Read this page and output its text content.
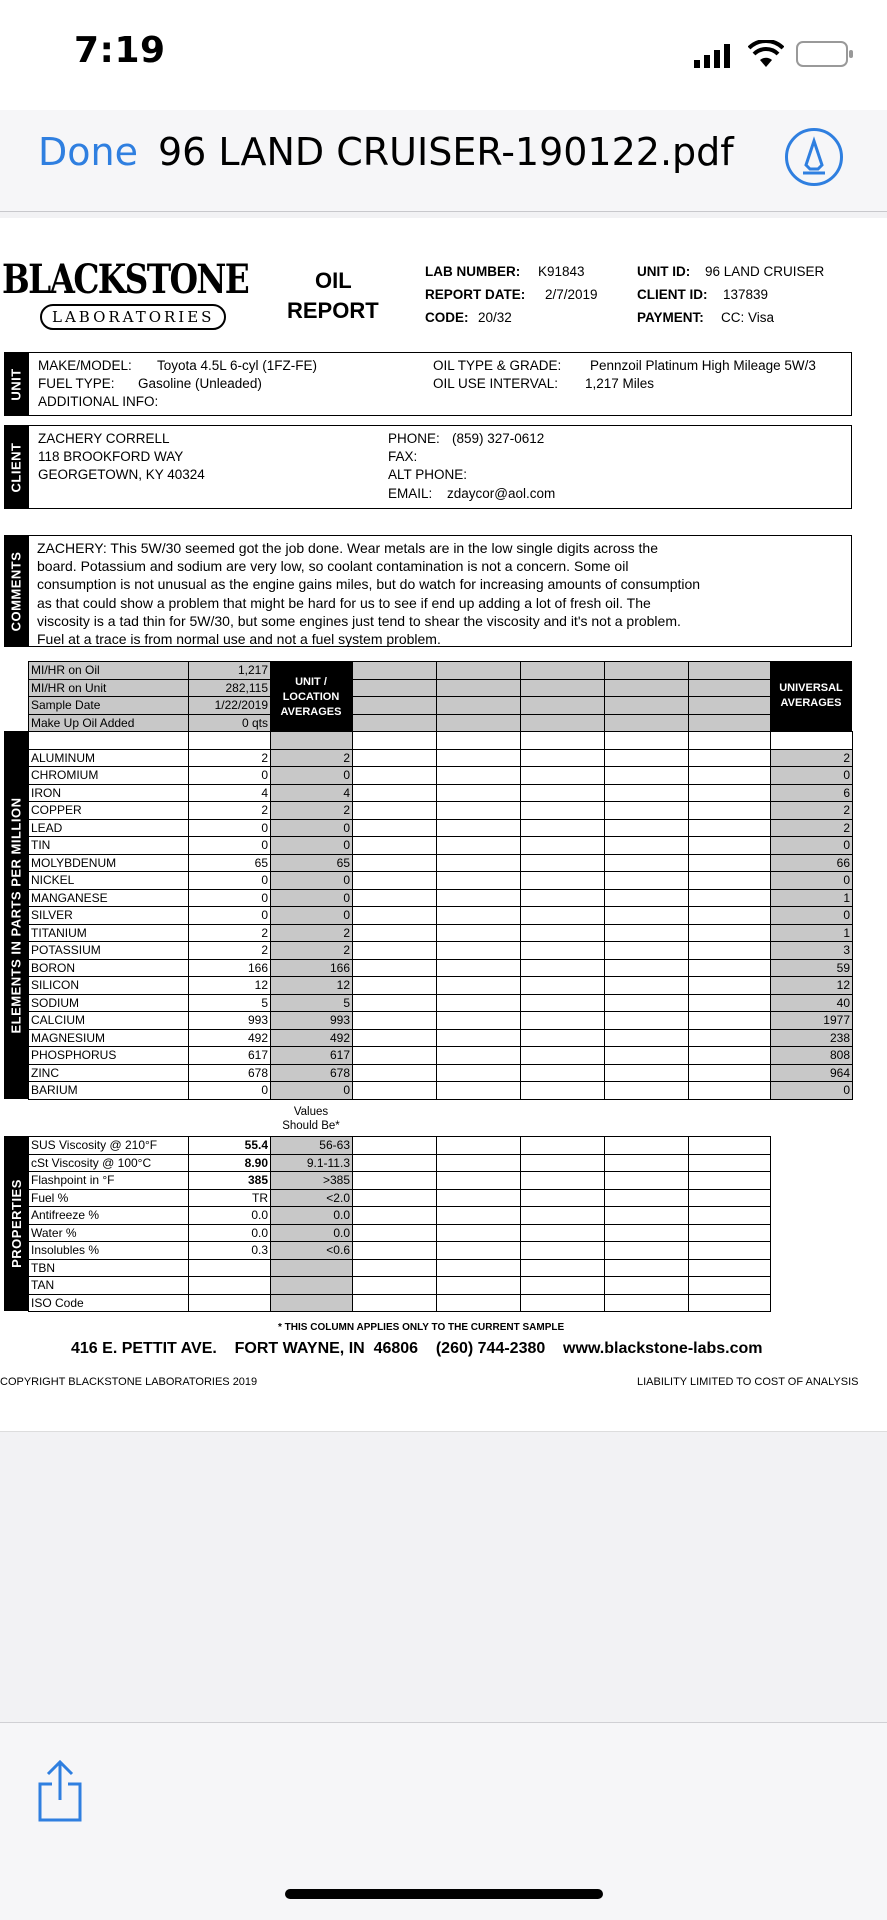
7:19
Done 96 LAND CRUISER-190122.pdf
BLACKSTONE
LABORATORIES
OIL
REPORT
LAB NUMBER: K91843
REPORT DATE: 2/7/2019
CODE: 20/32
UNIT ID: 96 LAND CRUISER
CLIENT ID: 137839
PAYMENT: CC: Visa
UNIT
MAKE/MODEL: Toyota 4.5L 6-cyl (1FZ-FE)
FUEL TYPE: Gasoline (Unleaded)
ADDITIONAL INFO:
OIL TYPE & GRADE: Pennzoil Platinum High Mileage 5W/3
OIL USE INTERVAL: 1,217 Miles
CLIENT
ZACHERY CORRELL
118 BROOKFORD WAY
GEORGETOWN, KY 40324
PHONE: (859) 327-0612
FAX:
ALT PHONE:
EMAIL: zdaycor@aol.com
COMMENTS
ZACHERY: This 5W/30 seemed got the job done. Wear metals are in the low single digits across the
board. Potassium and sodium are very low, so coolant contamination is not a concern. Some oil
consumption is not unusual as the engine gains miles, but do watch for increasing amounts of consumption
as that could show a problem that might be hard for us to see if end up adding a lot of fresh oil. The
viscosity is a tad thin for 5W/30, but some engines just tend to shear the viscosity and it's not a problem.
Fuel at a trace is from normal use and not a fuel system problem.
MI/HR on Oil	1,217
MI/HR on Unit	282,115
Sample Date	1/22/2019
Make Up Oil Added	0 qts
UNIT / LOCATION AVERAGES

UNIVERSAL AVERAGES
ELEMENTS IN PARTS PER MILLION

ALUMINUM	2	2						2
CHROMIUM	0	0						0
IRON	4	4						6
COPPER	2	2						2
LEAD	0	0						2
TIN	0	0						0
MOLYBDENUM	65	65						66
NICKEL	0	0						0
MANGANESE	0	0						1
SILVER	0	0						0
TITANIUM	2	2						1
POTASSIUM	2	2						3
BORON	166	166						59
SILICON	12	12						12
SODIUM	5	5						40
CALCIUM	993	993						1977
MAGNESIUM	492	492						238
PHOSPHORUS	617	617						808
ZINC	678	678						964
BARIUM	0	0						0
Values Should Be*
PROPERTIES
SUS Viscosity @ 210°F	55.4	56-63					
cSt Viscosity @ 100°C	8.90	9.1-11.3					
Flashpoint in °F	385	>385					
Fuel %	TR	<2.0					
Antifreeze %	0.0	0.0					
Water %	0.0	0.0					
Insolubles %	0.3	<0.6					
TBN							
TAN							
ISO Code							
* THIS COLUMN APPLIES ONLY TO THE CURRENT SAMPLE
416 E. PETTIT AVE.    FORT WAYNE, IN  46806    (260) 744-2380    www.blackstone-labs.com
COPYRIGHT BLACKSTONE LABORATORIES 2019	LIABILITY LIMITED TO COST OF ANALYSIS
